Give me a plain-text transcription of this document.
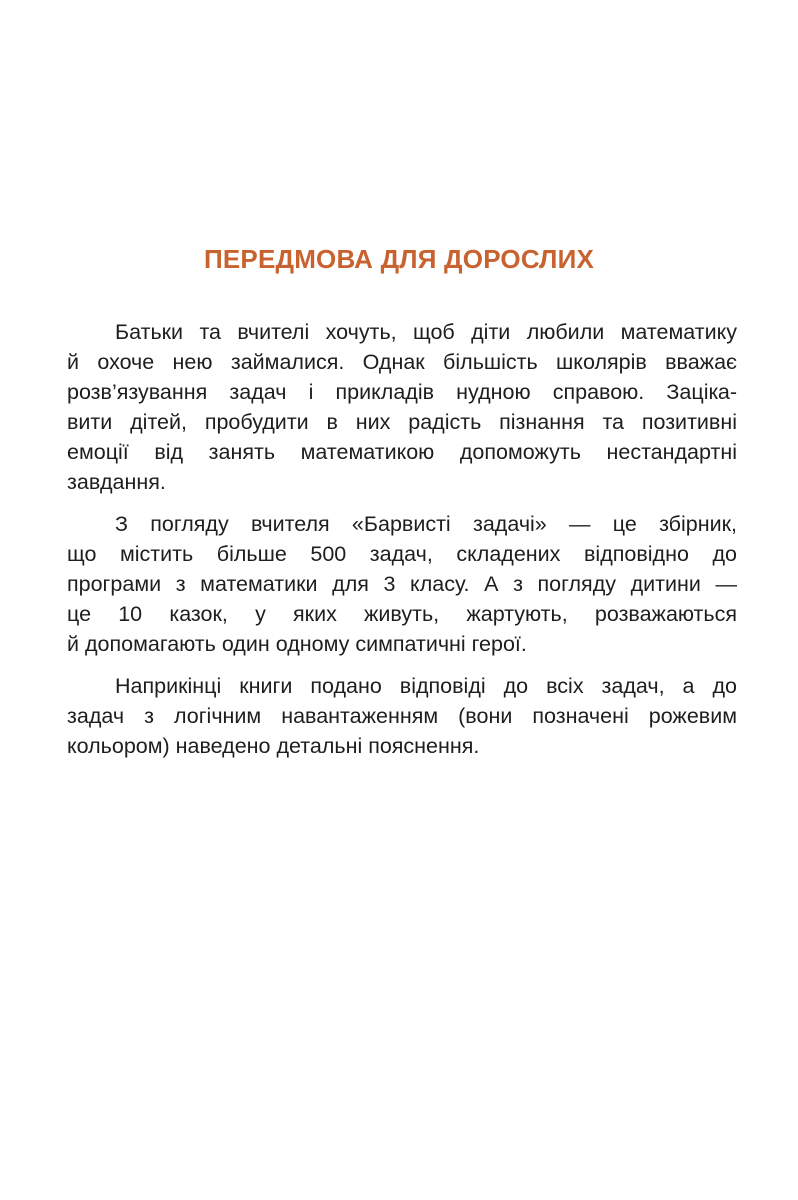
ПЕРЕДМОВА ДЛЯ ДОРОСЛИХ
Батьки та вчителі хочуть, щоб діти любили математику
й охоче нею займалися. Однак більшість школярів вважає
розв’язування задач і прикладів нудною справою. Зацікa-
вити дітей, пробудити в них радість пізнання та позитивні
емоції від занять математикою допоможуть нестандартні
завдання.
З погляду вчителя «Барвисті задачі» — це збірник,
що містить більше 500 задач, складених відповідно до
програми з математики для 3 класу. А з погляду дитини —
це 10 казок, у яких живуть, жартують, розважаються
й допомагають один одному симпатичні герої.
Наприкінці книги подано відповіді до всіх задач, а до
задач з логічним навантаженням (вони позначені рожевим
кольором) наведено детальні пояснення.
